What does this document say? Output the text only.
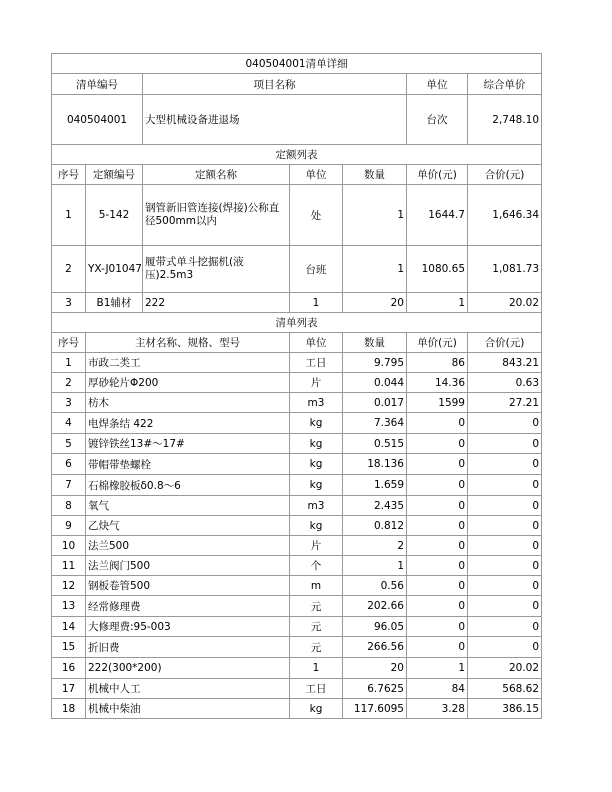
040504001清单详细						
清单编号		项目名称			单位	综合单价
040504001		大型机械设备进退场			台次	2,748.10
定额列表						
序号	定额编号	定额名称	单位	数量	单价(元)	合价(元)
1	5-142	钢管新旧管连接(焊接)公称直径500mm以内	处	1	1644.7	1,646.34
2	YX-J01047	履带式单斗挖掘机(液压)2.5m3	台班	1	1080.65	1,081.73
3	B1辅材	222	1	20	1	20.02
清单列表						
序号	主材名称、规格、型号		单位	数量	单价(元)	合价(元)
1	市政二类工		工日	9.795	86	843.21
2	厚砂轮片Φ200		片	0.044	14.36	0.63
3	枋木		m3	0.017	1599	27.21
4	电焊条结 422		kg	7.364	0	0
5	镀锌铁丝13#～17#		kg	0.515	0	0
6	带帽带垫螺栓		kg	18.136	0	0
7	石棉橡胶板δ0.8～6		kg	1.659	0	0
8	氧气		m3	2.435	0	0
9	乙炔气		kg	0.812	0	0
10	法兰500		片	2	0	0
11	法兰阀门500		个	1	0	0
12	钢板卷管500		m	0.56	0	0
13	经常修理费		元	202.66	0	0
14	大修理费:95-003		元	96.05	0	0
15	折旧费		元	266.56	0	0
16	222(300*200)		1	20	1	20.02
17	机械中人工		工日	6.7625	84	568.62
18	机械中柴油		kg	117.6095	3.28	386.15
